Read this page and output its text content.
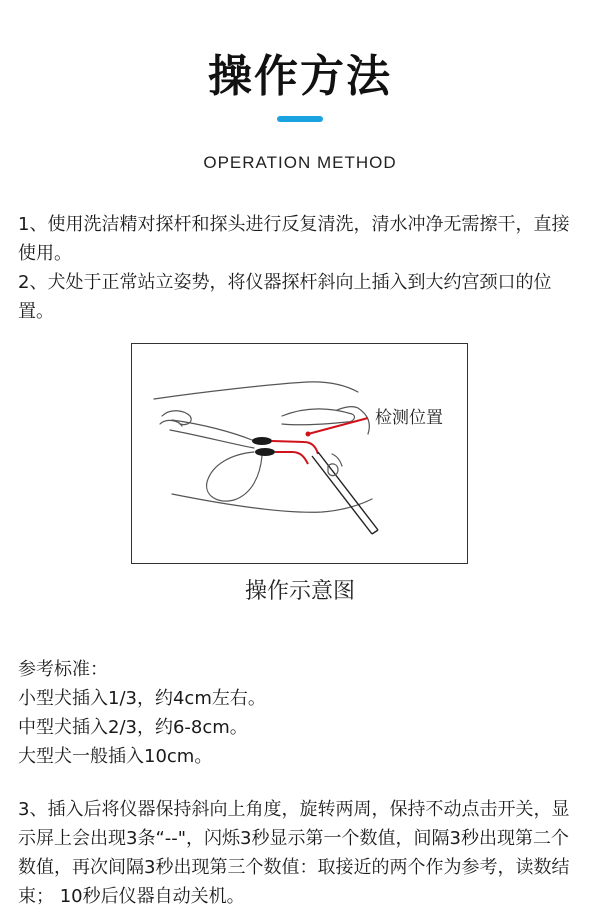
操作方法
OPERATION METHOD
1、使用洗洁精对探杆和探头进行反复清洗，清水冲净无需擦干，直接使用。
2、犬处于正常站立姿势，将仪器探杆斜向上插入到大约宫颈口的位置。
检测位置
操作示意图
参考标准：
小型犬插入1/3，约4cm左右。
中型犬插入2/3，约6-8cm。
大型犬一般插入10cm。
3、插入后将仪器保持斜向上角度，旋转两周，保持不动点击开关，显示屏上会出现3条“--"，闪烁3秒显示第一个数值，间隔3秒出现第二个数值，再次间隔3秒出现第三个数值：取接近的两个作为参考，读数结束； 10秒后仪器自动关机。
